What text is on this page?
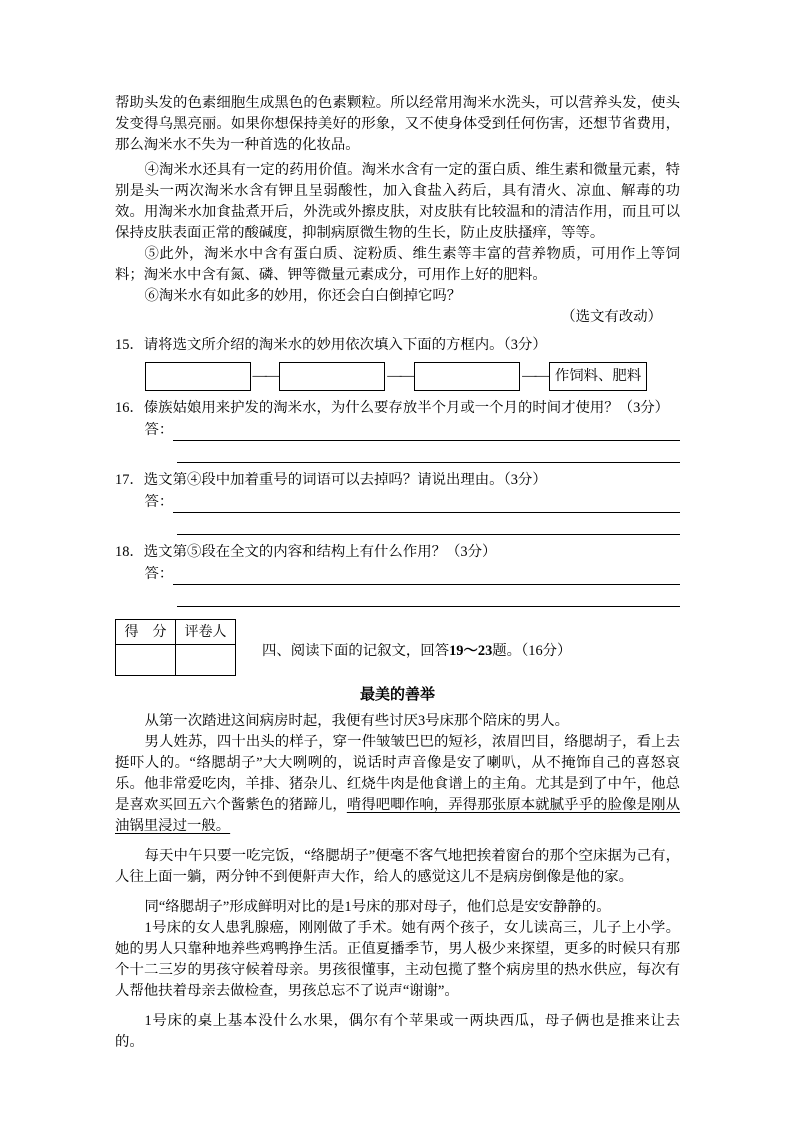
帮助头发的色素细胞生成黑色的色素颗粒。所以经常用淘米水洗头，可以营养头发，使头发变得乌黑亮丽。如果你想保持美好的形象，又不使身体受到任何伤害，还想节省费用，那么淘米水不失为一种首选的化妆品。

④淘米水还具有一定的药用价值。淘米水含有一定的蛋白质、维生素和微量元素，特别是头一两次淘米水含有钾且呈弱酸性，加入食盐入药后，具有清火、凉血、解毒的功效。用淘米水加食盐煮开后，外洗或外擦皮肤，对皮肤有比较温和的清洁作用，而且可以保持皮肤表面正常的酸碱度，抑制病原微生物的生长，防止皮肤搔痒，等等。

⑤此外，淘米水中含有蛋白质、淀粉质、维生素等丰富的营养物质，可用作上等饲料；淘米水中含有氮、磷、钾等微量元素成分，可用作上好的肥料。

⑥淘米水有如此多的妙用，你还会白白倒掉它吗？

（选文有改动）

15．请将选文所介绍的淘米水的妙用依次填入下面的方框内。（3分）

——	——	—— 作饲料、肥料

16．傣族姑娘用来护发的淘米水，为什么要存放半个月或一个月的时间才使用？（3分）

答：

17．选文第④段中加着重号的词语可以去掉吗？请说出理由。（3分）

答：

18．选文第⑤段在全文的内容和结构上有什么作用？（3分）

答：
得　分	评卷人

四、阅读下面的记叙文，回答19～23题。（16分）
最美的善举

从第一次踏进这间病房时起，我便有些讨厌3号床那个陪床的男人。

男人姓苏，四十出头的样子，穿一件皱皱巴巴的短衫，浓眉凹目，络腮胡子，看上去挺吓人的。“络腮胡子”大大咧咧的，说话时声音像是安了喇叭，从不掩饰自己的喜怒哀乐。他非常爱吃肉，羊排、猪杂儿、红烧牛肉是他食谱上的主角。尤其是到了中午，他总是喜欢买回五六个酱紫色的猪蹄儿，啃得吧唧作响，弄得那张原本就腻乎乎的脸像是刚从油锅里浸过一般。

每天中午只要一吃完饭，“络腮胡子”便毫不客气地把挨着窗台的那个空床据为己有，人往上面一躺，两分钟不到便鼾声大作，给人的感觉这儿不是病房倒像是他的家。

同“络腮胡子”形成鲜明对比的是1号床的那对母子，他们总是安安静静的。

1号床的女人患乳腺癌，刚刚做了手术。她有两个孩子，女儿读高三，儿子上小学。她的男人只靠种地养些鸡鸭挣生活。正值夏播季节，男人极少来探望，更多的时候只有那个十二三岁的男孩守候着母亲。男孩很懂事，主动包揽了整个病房里的热水供应，每次有人帮他扶着母亲去做检查，男孩总忘不了说声“谢谢”。

1号床的桌上基本没什么水果，偶尔有个苹果或一两块西瓜，母子俩也是推来让去的。
